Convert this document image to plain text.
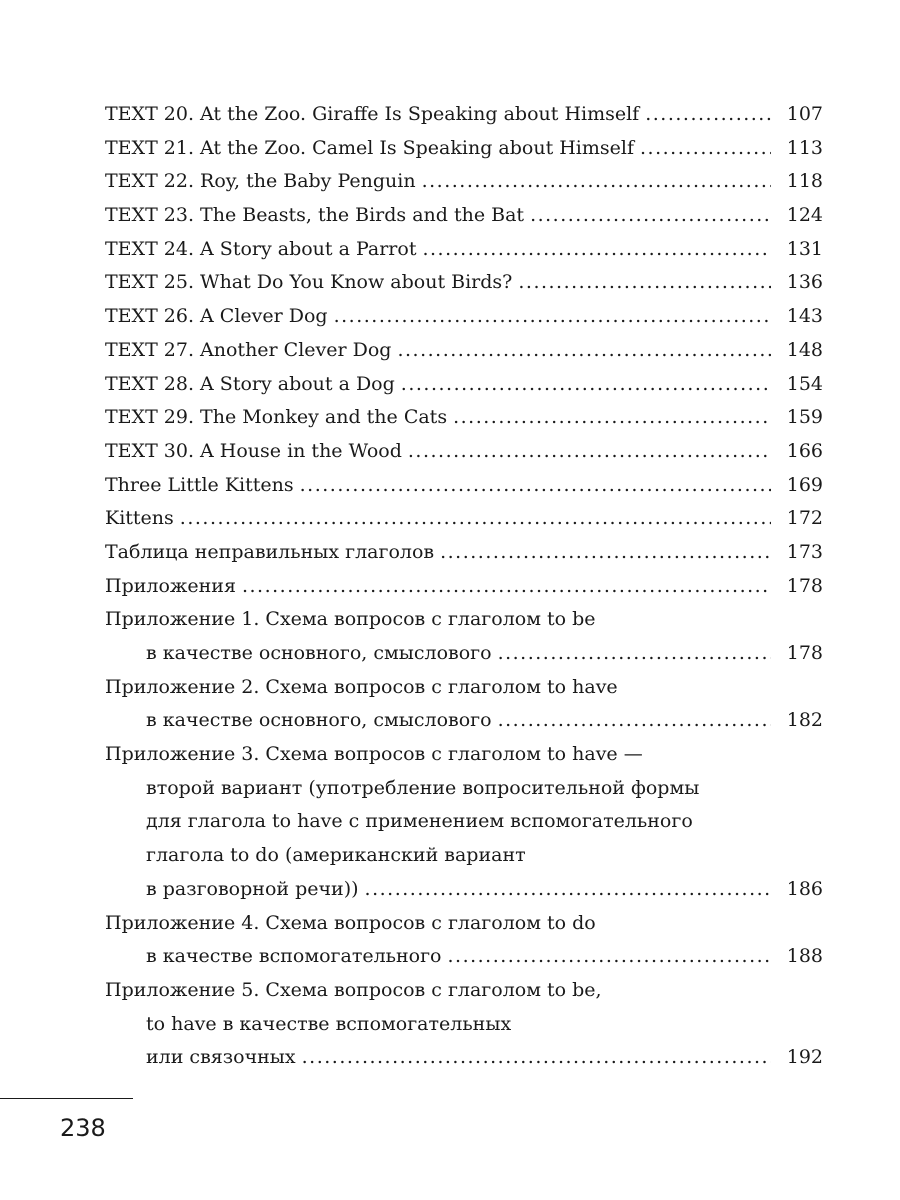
TEXT 20. At the Zoo. Giraffe Is Speaking about Himself .....	107
TEXT 21. At the Zoo. Camel Is Speaking about Himself .....	113
TEXT 22. Roy, the Baby Penguin .....	118
TEXT 23. The Beasts, the Birds and the Bat .....	124
TEXT 24. A Story about a Parrot .....	131
TEXT 25. What Do You Know about Birds? .....	136
TEXT 26. A Clever Dog .....	143
TEXT 27. Another Clever Dog .....	148
TEXT 28. A Story about a Dog .....	154
TEXT 29. The Monkey and the Cats .....	159
TEXT 30. A House in the Wood .....	166
Three Little Kittens .....	169
Kittens .....	172
Таблица неправильных глаголов .....	173
Приложения .....	178
Приложение 1. Схема вопросов с глаголом to be
в качестве основного, смыслового .....	178
Приложение 2. Схема вопросов с глаголом to have
в качестве основного, смыслового .....	182
Приложение 3. Схема вопросов с глаголом to have —
второй вариант (употребление вопросительной формы
для глагола to have с применением вспомогательного
глагола to do (американский вариант
в разговорной речи)) .....	186
Приложение 4. Схема вопросов с глаголом to do
в качестве вспомогательного .....	188
Приложение 5. Схема вопросов с глаголом to be,
to have в качестве вспомогательных
или связочных .....	192
238
